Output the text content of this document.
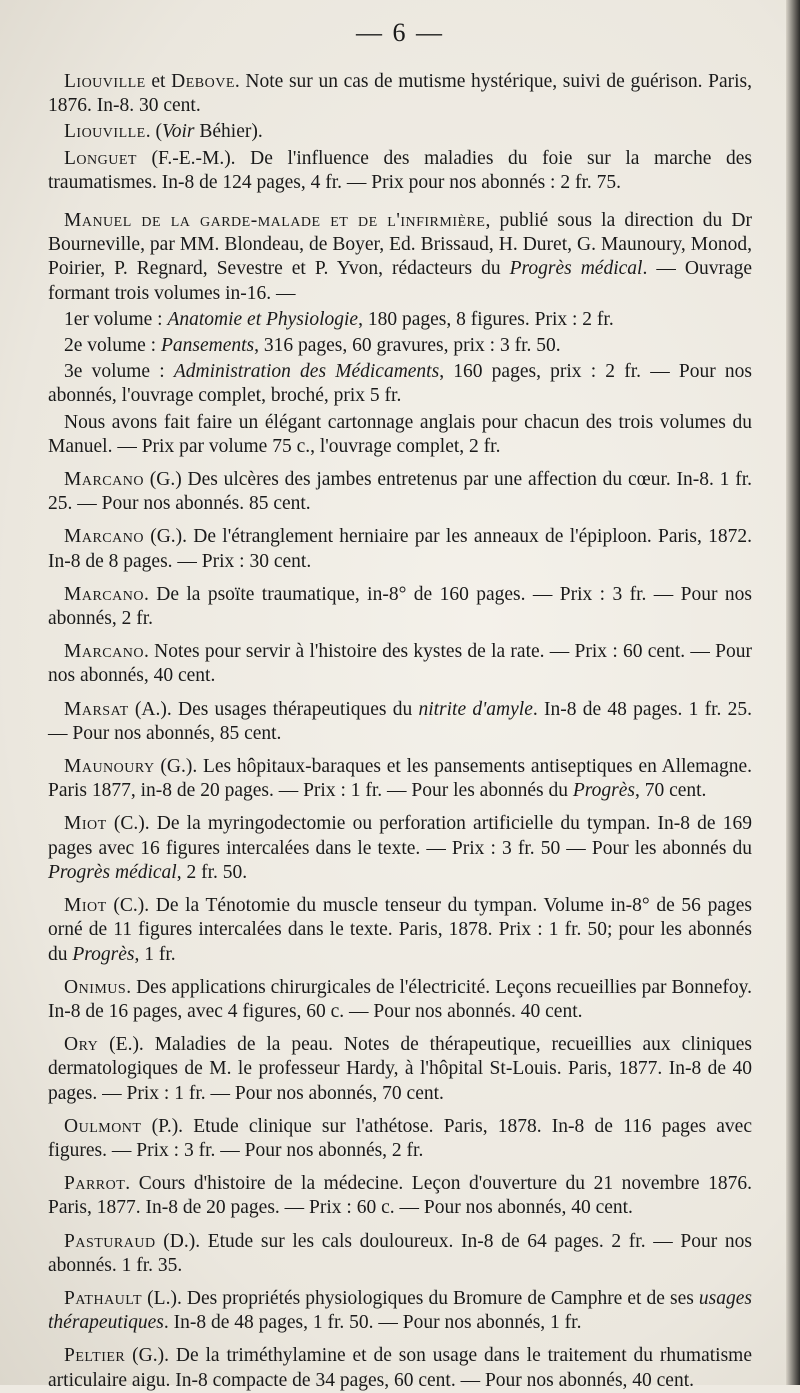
— 6 —

Liouville et Debove. Note sur un cas de mutisme hystérique, suivi de guérison. Paris, 1876. In-8. 30 cent.

Liouville. (Voir Béhier).

Longuet (F.-E.-M.). De l'influence des maladies du foie sur la marche des traumatismes. In-8 de 124 pages, 4 fr. — Prix pour nos abonnés : 2 fr. 75.

Manuel de la garde-malade et de l'infirmière, publié sous la direction du Dr Bourneville, par MM. Blondeau, de Boyer, Ed. Brissaud, H. Duret, G. Maunoury, Monod, Poirier, P. Regnard, Sevestre et P. Yvon, rédacteurs du Progrès médical. — Ouvrage formant trois volumes in-16. —

1er volume : Anatomie et Physiologie, 180 pages, 8 figures. Prix : 2 fr.

2e volume : Pansements, 316 pages, 60 gravures, prix : 3 fr. 50.

3e volume : Administration des Médicaments, 160 pages, prix : 2 fr. — Pour nos abonnés, l'ouvrage complet, broché, prix 5 fr.

Nous avons fait faire un élégant cartonnage anglais pour chacun des trois volumes du Manuel. — Prix par volume 75 c., l'ouvrage complet, 2 fr.

Marcano (G.) Des ulcères des jambes entretenus par une affection du cœur. In-8. 1 fr. 25. — Pour nos abonnés. 85 cent.

Marcano (G.). De l'étranglement herniaire par les anneaux de l'épiploon. Paris, 1872. In-8 de 8 pages. — Prix : 30 cent.

Marcano. De la psoïte traumatique, in-8° de 160 pages. — Prix : 3 fr. — Pour nos abonnés, 2 fr.

Marcano. Notes pour servir à l'histoire des kystes de la rate. — Prix : 60 cent. — Pour nos abonnés, 40 cent.

Marsat (A.). Des usages thérapeutiques du nitrite d'amyle. In-8 de 48 pages. 1 fr. 25. — Pour nos abonnés, 85 cent.

Maunoury (G.). Les hôpitaux-baraques et les pansements antiseptiques en Allemagne. Paris 1877, in-8 de 20 pages. — Prix : 1 fr. — Pour les abonnés du Progrès, 70 cent.

Miot (C.). De la myringodectomie ou perforation artificielle du tympan. In-8 de 169 pages avec 16 figures intercalées dans le texte. — Prix : 3 fr. 50 — Pour les abonnés du Progrès médical, 2 fr. 50.

Miot (C.). De la Ténotomie du muscle tenseur du tympan. Volume in-8° de 56 pages orné de 11 figures intercalées dans le texte. Paris, 1878. Prix : 1 fr. 50; pour les abonnés du Progrès, 1 fr.

Onimus. Des applications chirurgicales de l'électricité. Leçons recueillies par Bonnefoy. In-8 de 16 pages, avec 4 figures, 60 c. — Pour nos abonnés. 40 cent.

Ory (E.). Maladies de la peau. Notes de thérapeutique, recueillies aux cliniques dermatologiques de M. le professeur Hardy, à l'hôpital St-Louis. Paris, 1877. In-8 de 40 pages. — Prix : 1 fr. — Pour nos abonnés, 70 cent.

Oulmont (P.). Etude clinique sur l'athétose. Paris, 1878. In-8 de 116 pages avec figures. — Prix : 3 fr. — Pour nos abonnés, 2 fr.

Parrot. Cours d'histoire de la médecine. Leçon d'ouverture du 21 novembre 1876. Paris, 1877. In-8 de 20 pages. — Prix : 60 c. — Pour nos abonnés, 40 cent.

Pasturaud (D.). Etude sur les cals douloureux. In-8 de 64 pages. 2 fr. — Pour nos abonnés. 1 fr. 35.

Pathault (L.). Des propriétés physiologiques du Bromure de Camphre et de ses usages thérapeutiques. In-8 de 48 pages, 1 fr. 50. — Pour nos abonnés, 1 fr.

Peltier (G.). De la triméthylamine et de son usage dans le traitement du rhumatisme articulaire aigu. In-8 compacte de 34 pages, 60 cent. — Pour nos abonnés, 40 cent.
